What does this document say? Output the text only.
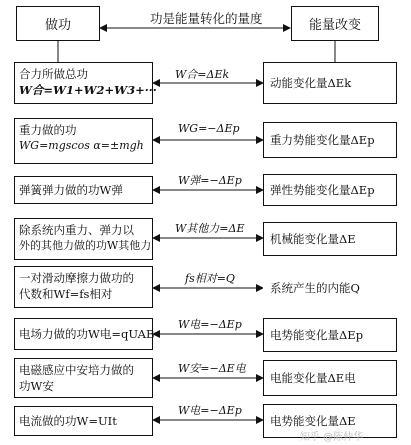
做功	功是能量转化的量度	能量改变
合力所做总功
W合=W1+W2+W3+···
W合=ΔEk
动能变化量ΔEk
重力做的功
WG=mgscos α=±mgh
WG=−ΔEp
重力势能变化量ΔEp
弹簧弹力做的功W弹
W弹=−ΔEp
弹性势能变化量ΔEp
除系统内重力、弹力以
外的其他力做的功W其他力
W其他力=ΔE
机械能变化量ΔE
一对滑动摩擦力做功的
代数和Wf=fs相对
fs相对=Q
系统产生的内能Q
电场力做的功W电=qUAB
W电=−ΔEp
电势能变化量ΔEp
电磁感应中安培力做的
功W安
W安=−ΔE电
电能变化量ΔE电
电流做的功W=UIt
W电=−ΔEp
电势能变化量ΔE
知乎 @陈仲华
